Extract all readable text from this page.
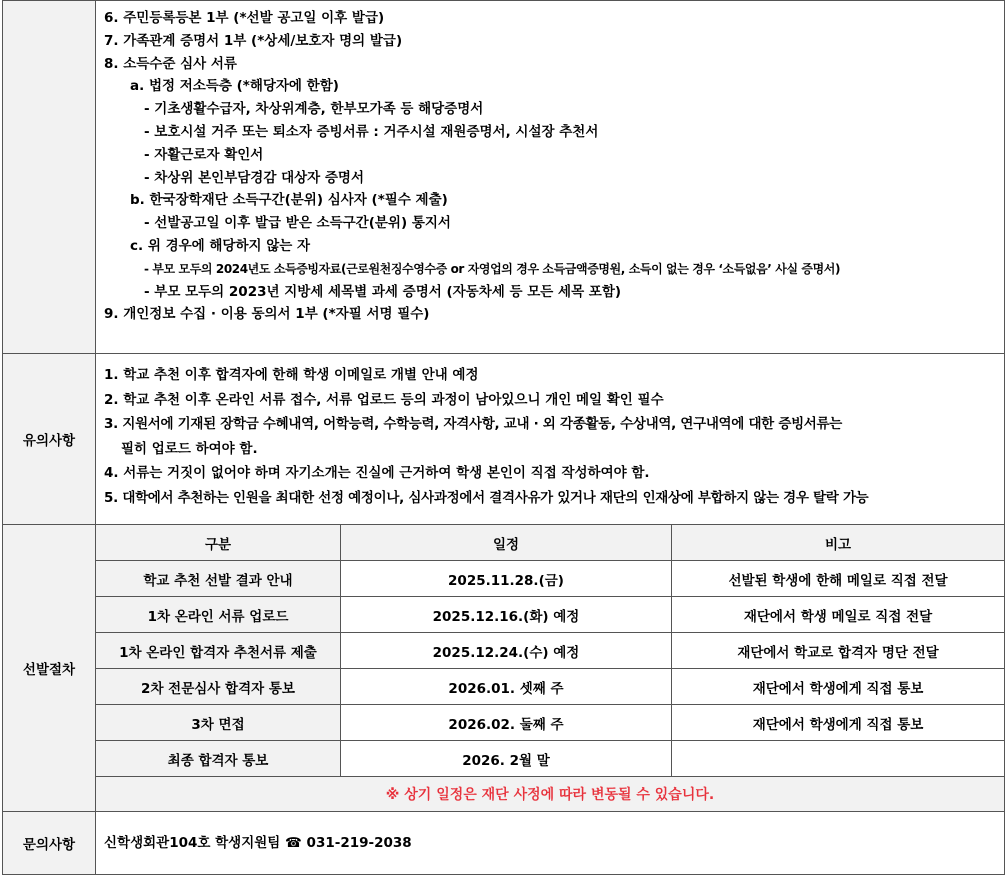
6. 주민등록등본 1부 (*선발 공고일 이후 발급)
7. 가족관계 증명서 1부 (*상세/보호자 명의 발급)
8. 소득수준 심사 서류
a. 법정 저소득층 (*해당자에 한함)
- 기초생활수급자, 차상위계층, 한부모가족 등 해당증명서
- 보호시설 거주 또는 퇴소자 증빙서류 : 거주시설 재원증명서, 시설장 추천서
- 자활근로자 확인서
- 차상위 본인부담경감 대상자 증명서
b. 한국장학재단 소득구간(분위) 심사자 (*필수 제출)
- 선발공고일 이후 발급 받은 소득구간(분위) 통지서
c. 위 경우에 해당하지 않는 자
- 부모 모두의 2024년도 소득증빙자료(근로원천징수영수증 or 자영업의 경우 소득금액증명원, 소득이 없는 경우 ‘소득없음’ 사실 증명서)
- 부모 모두의 2023년 지방세 세목별 과세 증명서 (자동차세 등 모든 세목 포함)
9. 개인정보 수집 · 이용 동의서 1부 (*자필 서명 필수)

유의사항	
1. 학교 추천 이후 합격자에 한해 학생 이메일로 개별 안내 예정
2. 학교 추천 이후 온라인 서류 접수, 서류 업로드 등의 과정이 남아있으니 개인 메일 확인 필수
3. 지원서에 기재된 장학금 수혜내역, 어학능력, 수학능력, 자격사항, 교내 · 외 각종활동, 수상내역, 연구내역에 대한 증빙서류는
필히 업로드 하여야 함.
4. 서류는 거짓이 없어야 하며 자기소개는 진실에 근거하여 학생 본인이 직접 작성하여야 함.
5. 대학에서 추천하는 인원을 최대한 선정 예정이나, 심사과정에서 결격사유가 있거나 재단의 인재상에 부합하지 않는 경우 탈락 가능

선발절차	
구분	일정	비고
학교 추천 선발 결과 안내	2025.11.28.(금)	선발된 학생에 한해 메일로 직접 전달
1차 온라인 서류 업로드	2025.12.16.(화) 예정	재단에서 학생 메일로 직접 전달
1차 온라인 합격자 추천서류 제출	2025.12.24.(수) 예정	재단에서 학교로 합격자 명단 전달
2차 전문심사 합격자 통보	2026.01. 셋째 주	재단에서 학생에게 직접 통보
3차 면접	2026.02. 둘째 주	재단에서 학생에게 직접 통보
최종 합격자 통보	2026. 2월 말	
※ 상기 일정은 재단 사정에 따라 변동될 수 있습니다.

문의사항	신학생회관104호 학생지원팀 ☎ 031-219-2038
